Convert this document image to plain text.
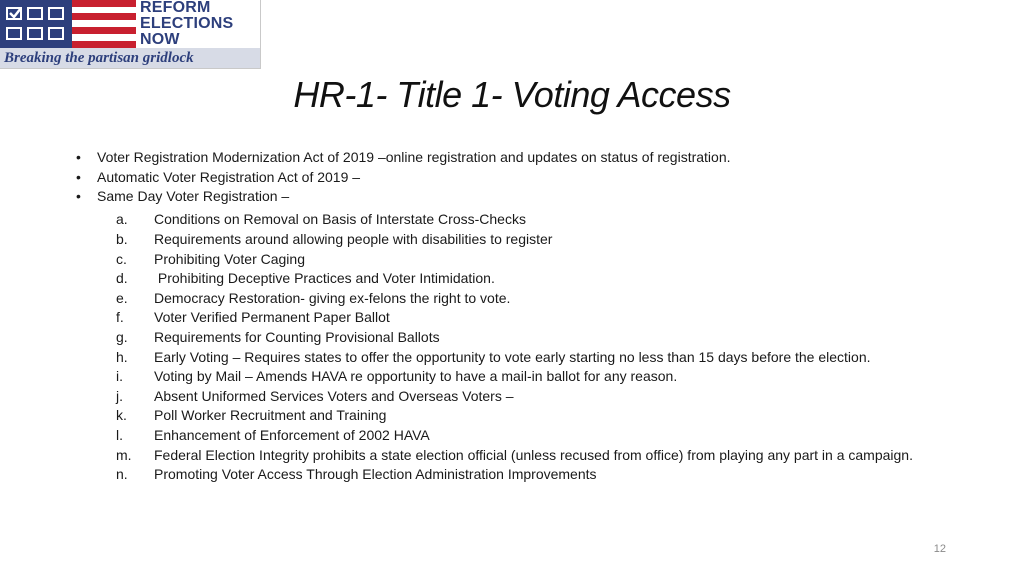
REFORM
ELECTIONS
NOW
Breaking the partisan gridlock
HR-1- Title 1- Voting Access
•	Voter Registration Modernization Act of 2019 –online registration and updates on status of registration.
•	Automatic Voter Registration Act of 2019 –
•	Same Day Voter Registration –
a.	Conditions on Removal on Basis of Interstate Cross-Checks
b.	Requirements around allowing people with disabilities to register
c.	Prohibiting Voter Caging
d.	Prohibiting Deceptive Practices and Voter Intimidation.
e.	Democracy Restoration- giving ex-felons the right to vote.
f.	Voter Verified Permanent Paper Ballot
g.	Requirements for Counting Provisional Ballots
h.	Early Voting – Requires states to offer the opportunity to vote early starting no less than 15 days before the election.
i.	Voting by Mail – Amends HAVA re opportunity to have a mail-in ballot for any reason.
j.	Absent Uniformed Services Voters and Overseas Voters –
k.	Poll Worker Recruitment and Training
l.	Enhancement of Enforcement of 2002 HAVA
m.	Federal Election Integrity prohibits a state election official (unless recused from office) from playing any part in a campaign.
n.	Promoting Voter Access Through Election Administration Improvements
12
